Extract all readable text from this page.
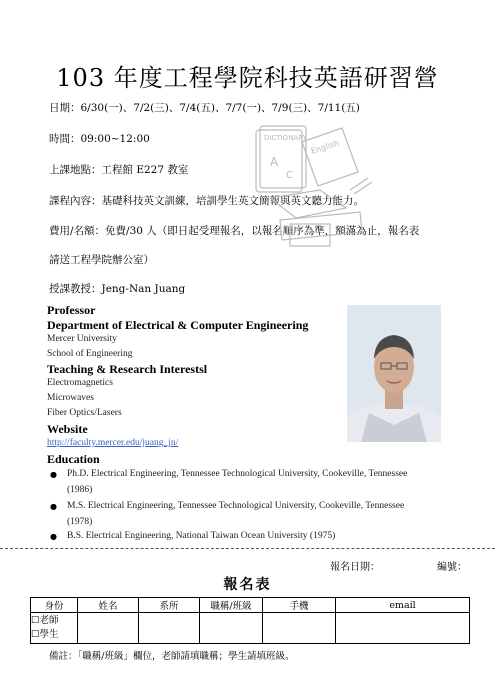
103 年度工程學院科技英語研習營
日期：6/30(一)、7/2(三)、7/4(五)、7/7(一)、7/9(三)、7/11(五)
時間：09:00~12:00
上課地點：工程館 E227 教室
課程內容：基礎科技英文訓練，培訓學生英文簡報與英文聽力能力。
費用/名額：免費/30 人（即日起受理報名，以報名順序為準，額滿為止，報名表
請送工程學院辦公室）
授課教授：Jeng-Nan Juang
DICTIONARY
English
A
C
Professor
Department of Electrical & Computer Engineering
Mercer University
School of Engineering
Teaching & Research Interestsl
Electromagnetics
Microwaves
Fiber Optics/Lasers
Website
http://faculty.mercer.edu/juang_jn/
Education
● Ph.D. Electrical Engineering, Tennessee Technological University, Cookeville, Tennessee
(1986)
● M.S. Electrical Engineering, Tennessee Technological University, Cookeville, Tennessee
(1978)
● B.S. Electrical Engineering, National Taiwan Ocean University (1975)
報名日期：	編號：
報名表
身份	姓名	系所	職稱/班級	手機	email

☐老師
☐學生					

備註：「職稱/班級」欄位，老師請填職稱；學生請填班級。
